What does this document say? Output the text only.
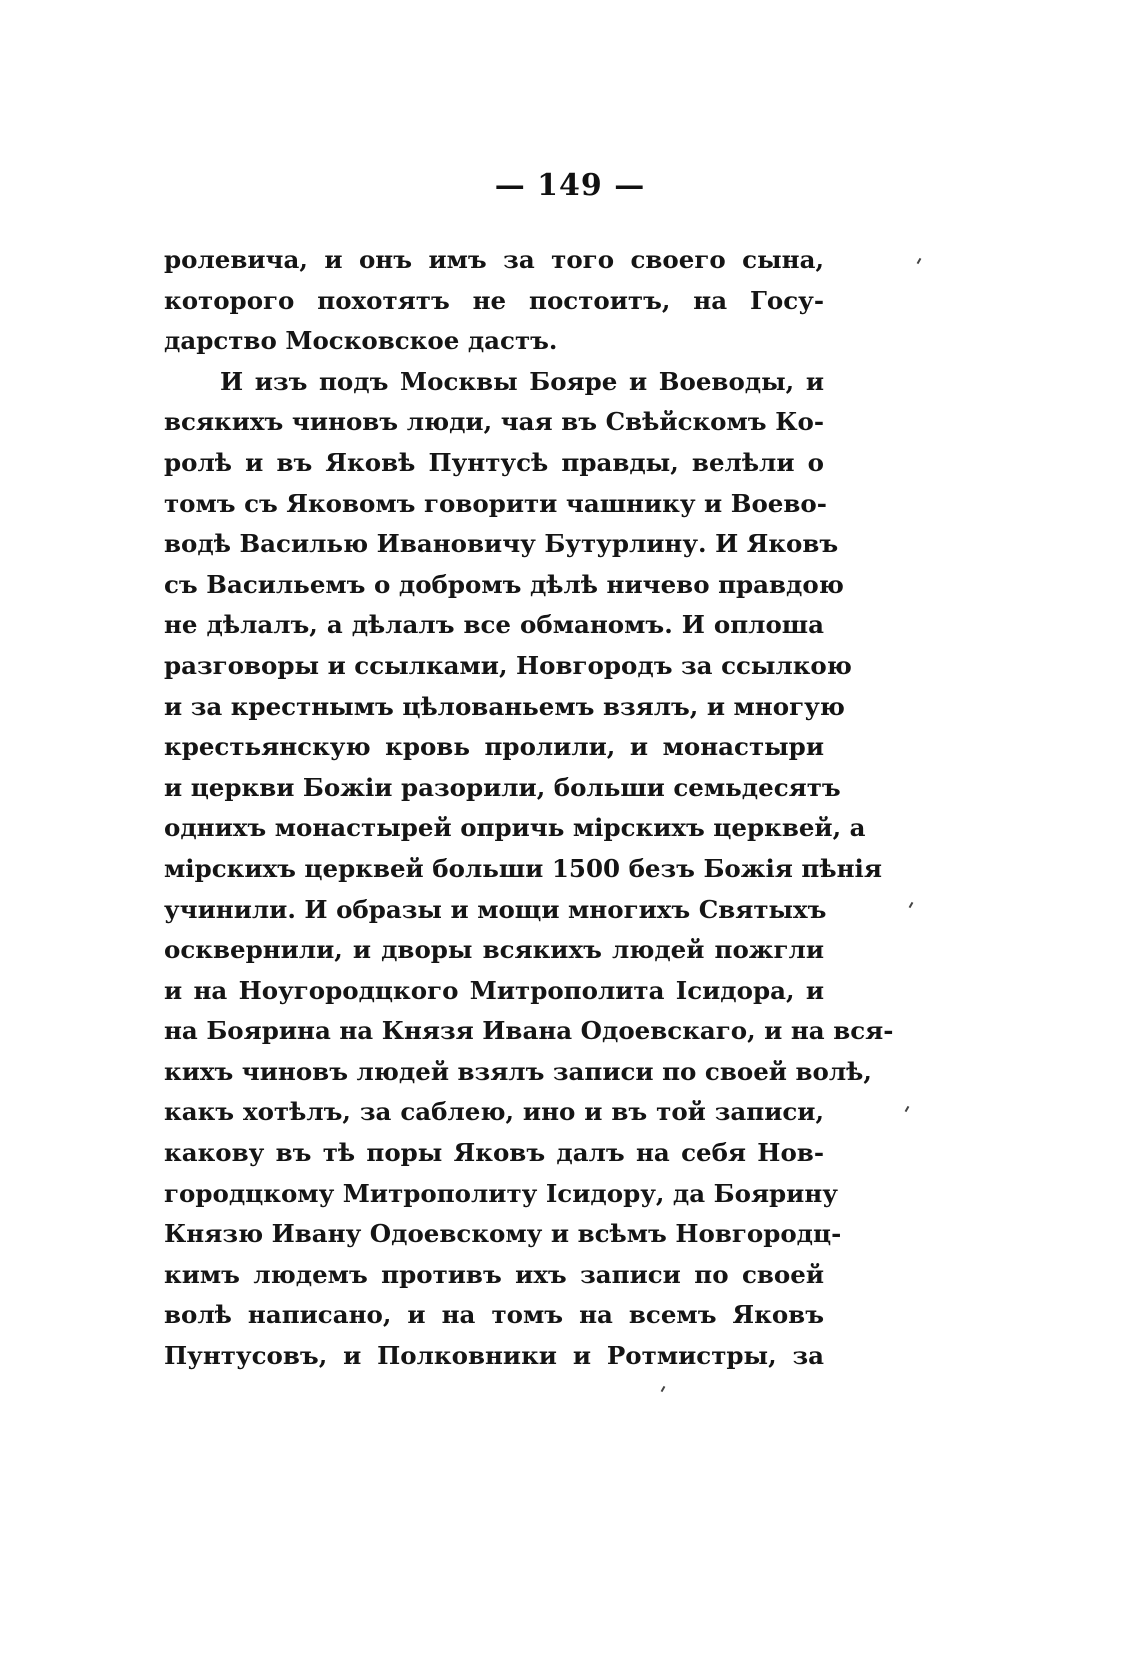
— 149 —
ролевича, и онъ имъ за того своего сына,
которого похотятъ не постоитъ, на Госу-
дарство Московское дастъ.
И изъ подъ Москвы Бояре и Воеводы, и
всякихъ чиновъ люди, чая въ Свѣйскомъ Ко-
ролѣ и въ Яковѣ Пунтусѣ правды, велѣли о
томъ съ Яковомъ говорити чашнику и Воево-
водѣ Василью Ивановичу Бутурлину. И Яковъ
съ Васильемъ о добромъ дѣлѣ ничево правдою
не дѣлалъ, а дѣлалъ все обманомъ. И оплоша
разговоры и ссылками, Новгородъ за ссылкою
и за крестнымъ цѣлованьемъ взялъ, и многую
крестьянскую кровь пролили, и монастыри
и церкви Божіи разорили, больши семьдесятъ
однихъ монастырей опричь мірскихъ церквей, а
мірскихъ церквей больши 1500 безъ Божія пѣнія
учинили. И образы и мощи многихъ Святыхъ
осквернили, и дворы всякихъ людей пожгли
и на Ноугородцкого Митрополита Ісидора, и
на Боярина на Князя Ивана Одоевскаго, и на вся-
кихъ чиновъ людей взялъ записи по своей волѣ,
какъ хотѣлъ, за саблею, ино и въ той записи,
какову въ тѣ поры Яковъ далъ на себя Нов-
городцкому Митрополиту Ісидору, да Боярину
Князю Ивану Одоевскому и всѣмъ Новгородц-
кимъ людемъ противъ ихъ записи по своей
волѣ написано, и на томъ на всемъ Яковъ
Пунтусовъ, и Полковники и Ротмистры, за
